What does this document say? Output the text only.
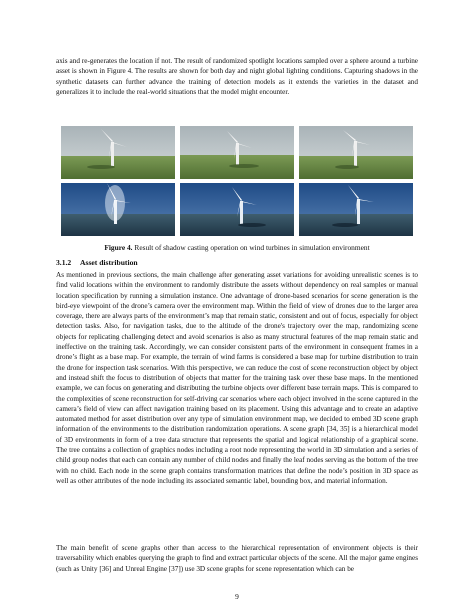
axis and re-generates the location if not. The result of randomized spotlight locations sampled over a sphere around a turbine asset is shown in Figure 4. The results are shown for both day and night global lighting conditions. Capturing shadows in the synthetic datasets can further advance the training of detection models as it extends the varieties in the dataset and generalizes it to include the real-world situations that the model might encounter.

Figure 4. Result of shadow casting operation on wind turbines in simulation environment
3.1.2 Asset distribution

As mentioned in previous sections, the main challenge after generating asset variations for avoiding unrealistic scenes is to find valid locations within the environment to randomly distribute the assets without dependency on real samples or manual location specification by running a simulation instance. One advantage of drone-based scenarios for scene generation is the bird-eye viewpoint of the drone’s camera over the environment map. Within the field of view of drones due to the larger area coverage, there are always parts of the environment’s map that remain static, consistent and out of focus, especially for object detection tasks. Also, for navigation tasks, due to the altitude of the drone's trajectory over the map, randomizing scene objects for replicating challenging detect and avoid scenarios is also as many structural features of the map remain static and ineffective on the training task. Accordingly, we can consider consistent parts of the environment in consequent frames in a drone’s flight as a base map. For example, the terrain of wind farms is considered a base map for turbine distribution to train the drone for inspection task scenarios. With this perspective, we can reduce the cost of scene reconstruction object by object and instead shift the focus to distribution of objects that matter for the training task over these base maps. In the mentioned example, we can focus on generating and distributing the turbine objects over different base terrain maps. This is compared to the complexities of scene reconstruction for self-driving car scenarios where each object involved in the scene captured in the camera’s field of view can affect navigation training based on its placement. Using this advantage and to create an adaptive automated method for asset distribution over any type of simulation environment map, we decided to embed 3D scene graph information of the environments to the distribution randomization operations. A scene graph [34, 35] is a hierarchical model of 3D environments in form of a tree data structure that represents the spatial and logical relationship of a graphical scene. The tree contains a collection of graphics nodes including a root node representing the world in 3D simulation and a series of child group nodes that each can contain any number of child nodes and finally the leaf nodes serving as the bottom of the tree with no child. Each node in the scene graph contains transformation matrices that define the node’s position in 3D space as well as other attributes of the node including its associated semantic label, bounding box, and material information.

The main benefit of scene graphs other than access to the hierarchical representation of environment objects is their traversability which enables querying the graph to find and extract particular objects of the scene. All the major game engines (such as Unity [36] and Unreal Engine [37]) use 3D scene graphs for scene representation which can be

9
